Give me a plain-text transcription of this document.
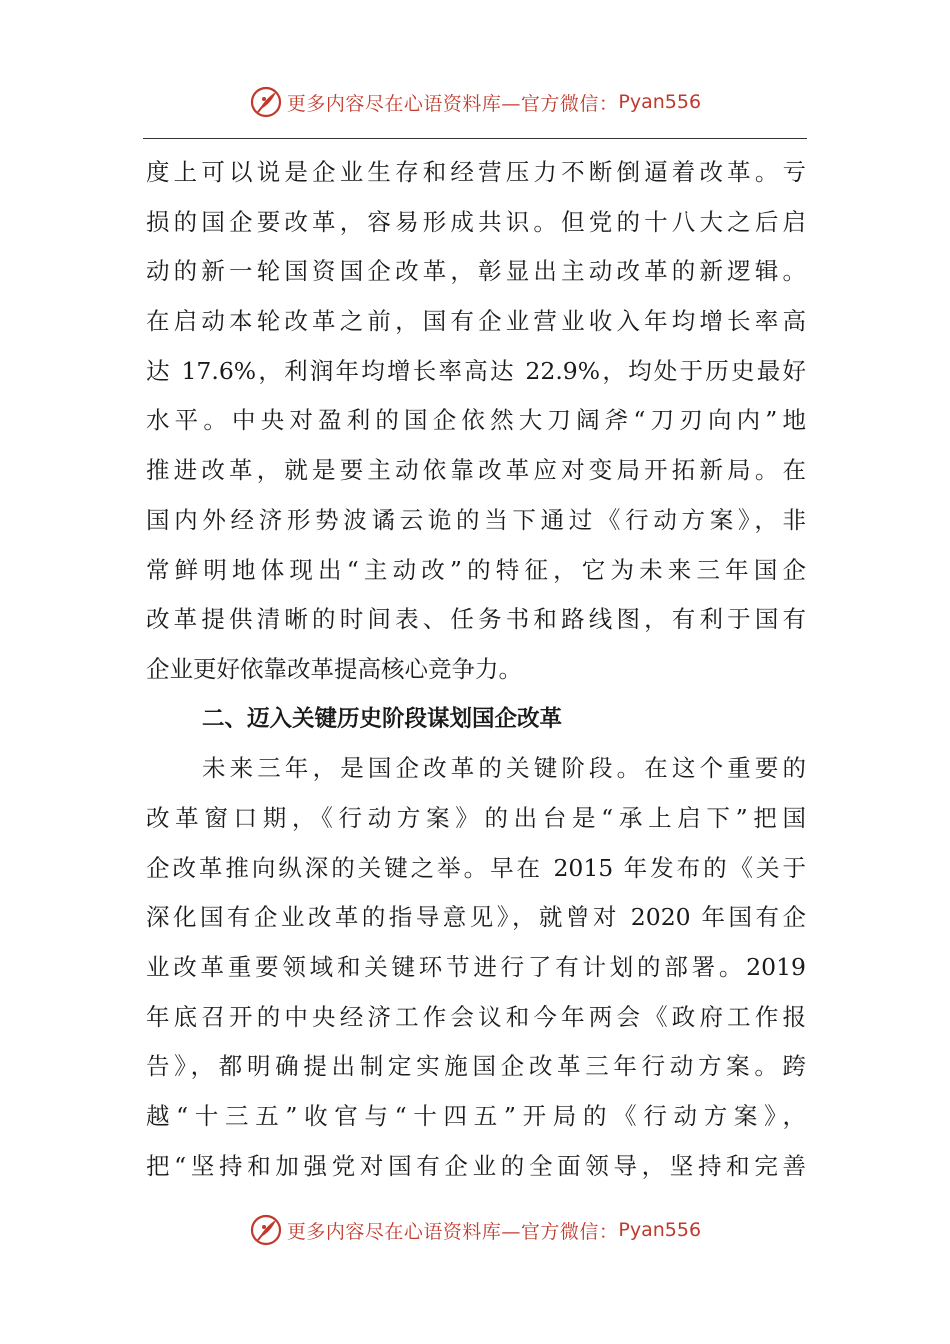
更多内容尽在心语资料库—官方微信： Pyan556
度上可以说是企业生存和经营压力不断倒逼着改革。亏
损的国企要改革，容易形成共识。但党的十八大之后启
动的新一轮国资国企改革，彰显出主动改革的新逻辑。
在启动本轮改革之前，国有企业营业收入年均增长率高
达 17.6%，利润年均增长率高达 22.9%，均处于历史最好
水平。中央对盈利的国企依然大刀阔斧“刀刃向内”地
推进改革，就是要主动依靠改革应对变局开拓新局。在
国内外经济形势波谲云诡的当下通过《行动方案》，非
常鲜明地体现出“主动改”的特征，它为未来三年国企
改革提供清晰的时间表、任务书和路线图，有利于国有
企业更好依靠改革提高核心竞争力。
二、迈入关键历史阶段谋划国企改革
未来三年，是国企改革的关键阶段。在这个重要的
改革窗口期，《行动方案》的出台是“承上启下”把国
企改革推向纵深的关键之举。早在 2015 年发布的《关于
深化国有企业改革的指导意见》，就曾对 2020 年国有企
业改革重要领域和关键环节进行了有计划的部署。2019
年底召开的中央经济工作会议和今年两会《政府工作报
告》，都明确提出制定实施国企改革三年行动方案。跨
越“十三五”收官与“十四五”开局的《行动方案》，
把“坚持和加强党对国有企业的全面领导，坚持和完善
更多内容尽在心语资料库—官方微信： Pyan556
